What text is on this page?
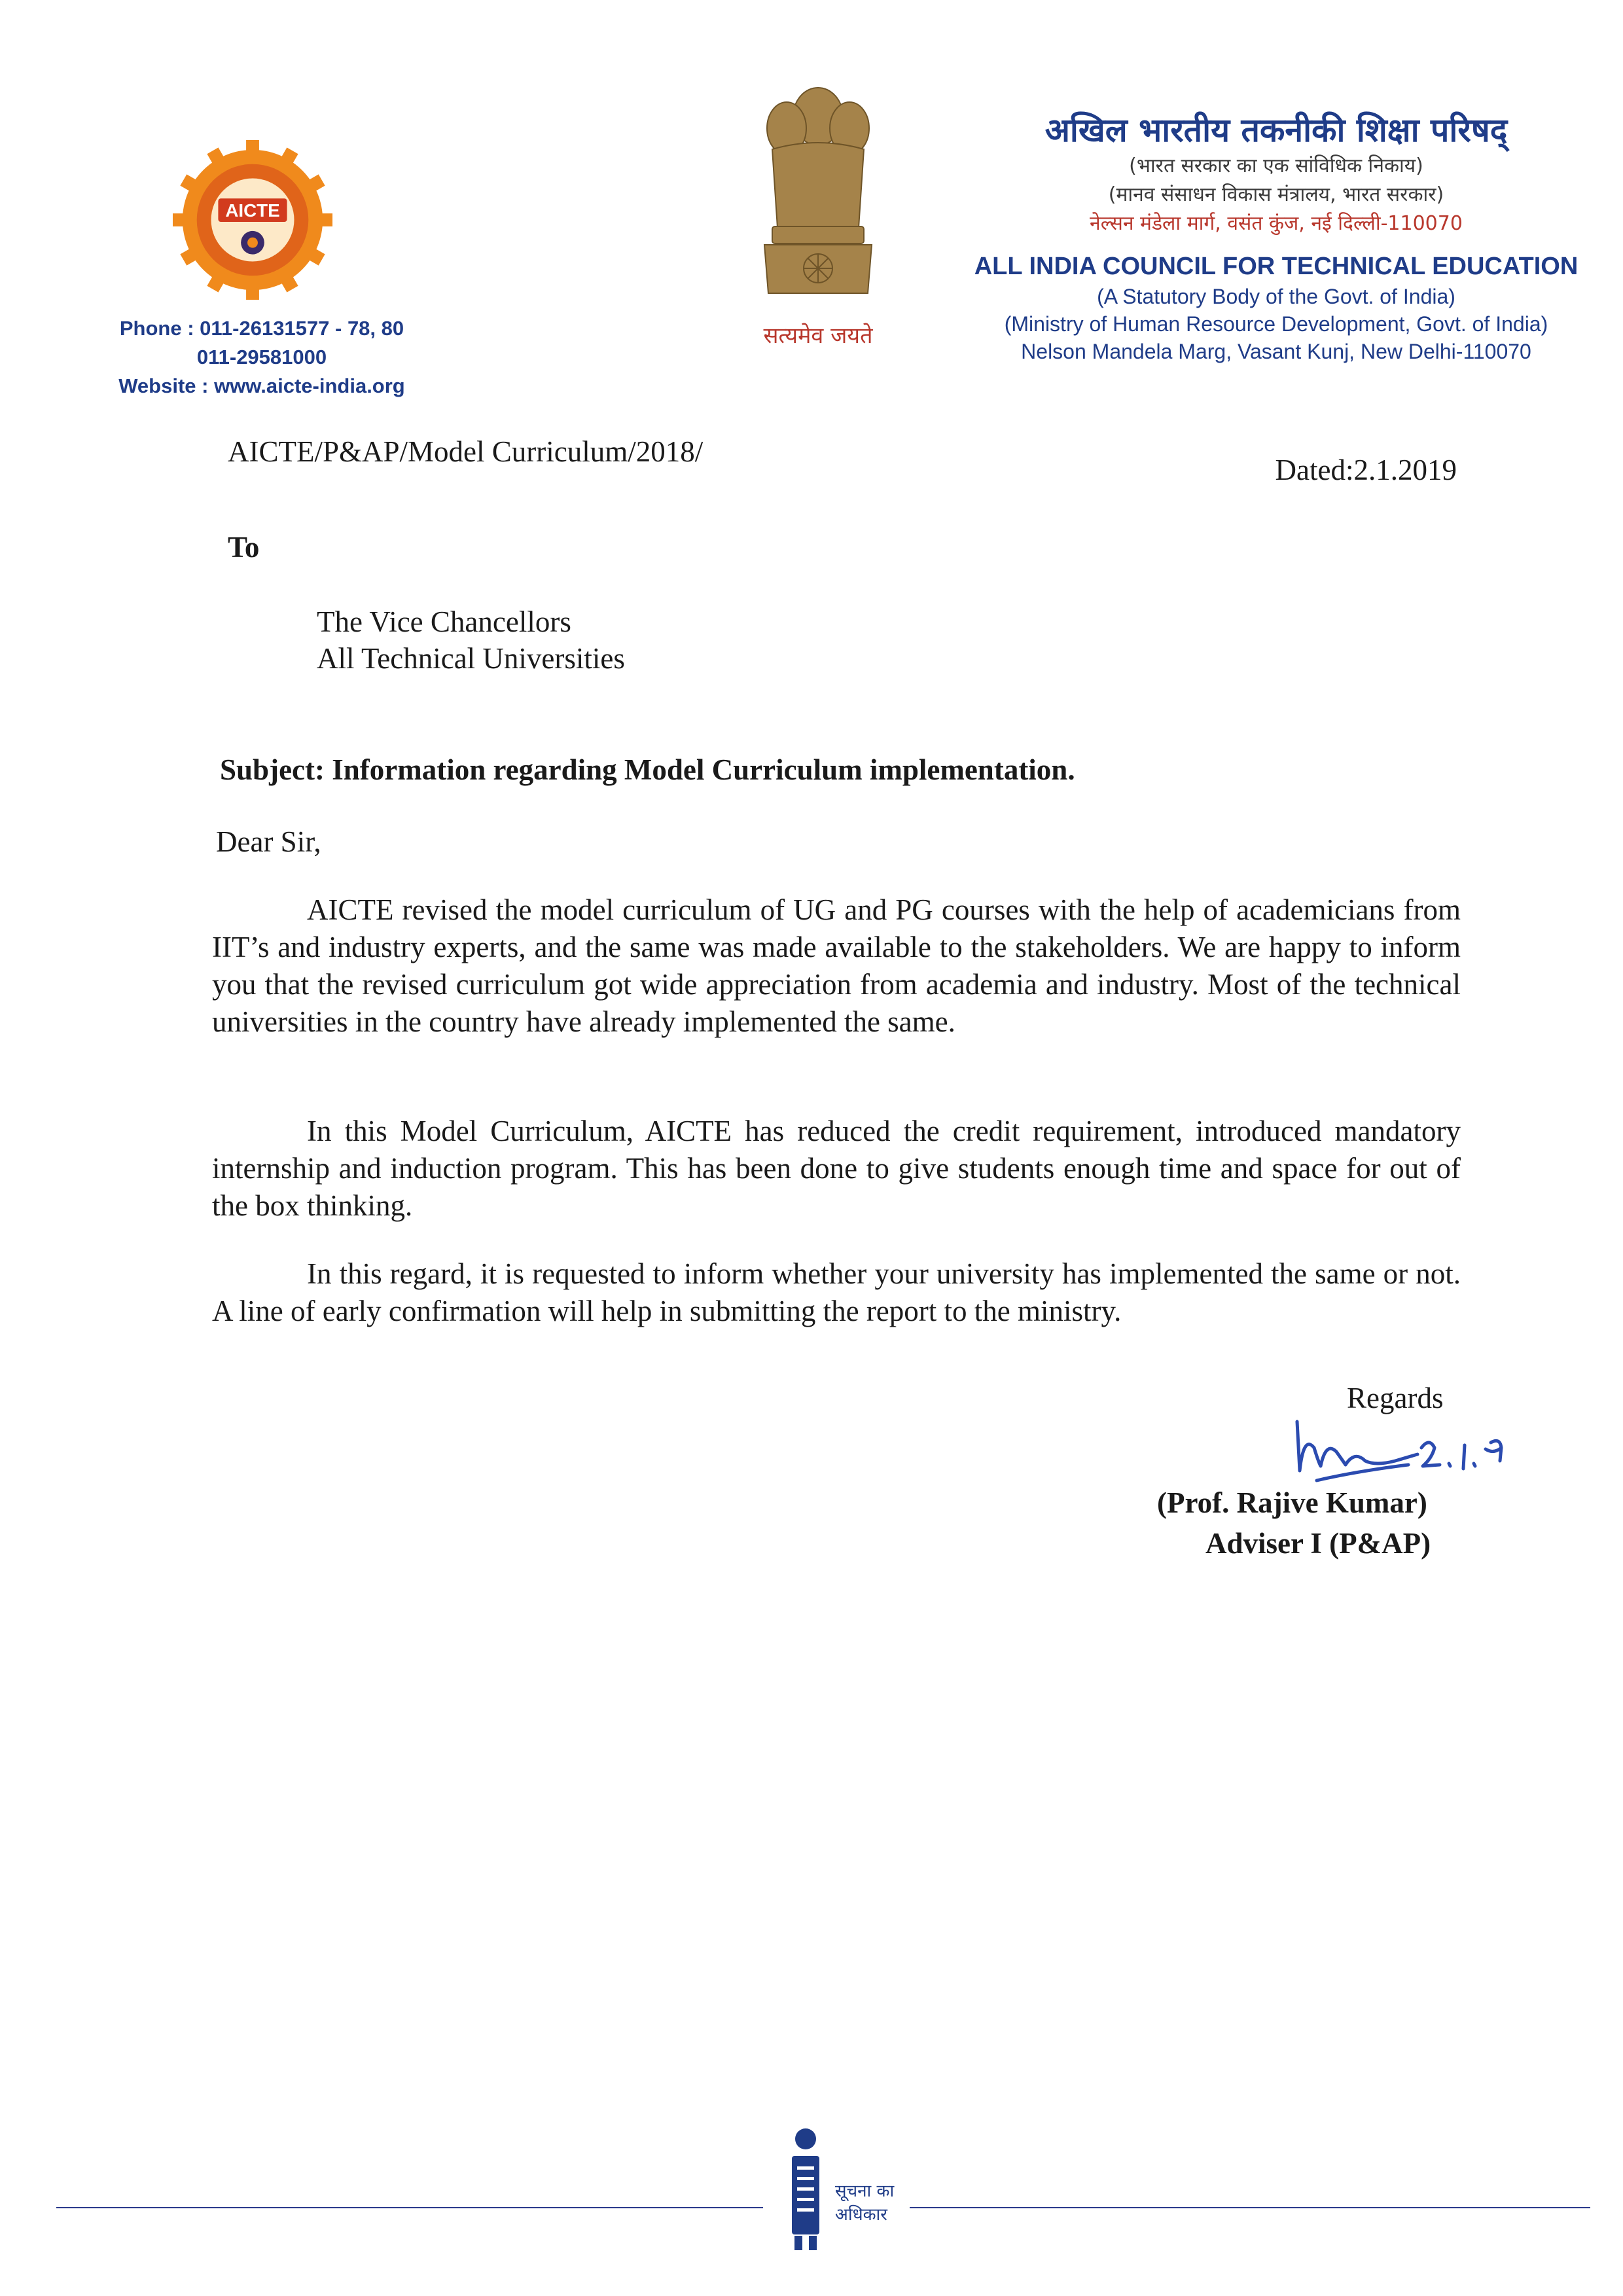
AICTE
Phone : 011-26131577 - 78, 80
011-29581000
Website : www.aicte-india.org
सत्यमेव जयते
अखिल भारतीय तकनीकी शिक्षा परिषद्
(भारत सरकार का एक सांविधिक निकाय)
(मानव संसाधन विकास मंत्रालय, भारत सरकार)
नेल्सन मंडेला मार्ग, वसंत कुंज, नई दिल्ली-110070
ALL INDIA COUNCIL FOR TECHNICAL EDUCATION
(A Statutory Body of the Govt. of India)
(Ministry of Human Resource Development, Govt. of India)
Nelson Mandela Marg, Vasant Kunj, New Delhi-110070
AICTE/P&AP/Model Curriculum/2018/
Dated:2.1.2019
To
The Vice Chancellors
All Technical Universities
Subject: Information regarding Model Curriculum implementation.
Dear Sir,

AICTE revised the model curriculum of UG and PG courses with the help of academicians from IIT’s and industry experts, and the same was made available to the stakeholders. We are happy to inform you that the revised curriculum got wide appreciation from academia and industry. Most of the technical universities in the country have already implemented the same.

In this Model Curriculum, AICTE has reduced the credit requirement, introduced mandatory internship and induction program. This has been done to give students enough time and space for out of the box thinking.

In this regard, it is requested to inform whether your university has implemented the same or not. A line of early confirmation will help in submitting the report to the ministry.

Regards
(Prof. Rajive Kumar)
Adviser I (P&AP)
सूचना का
अधिकार
